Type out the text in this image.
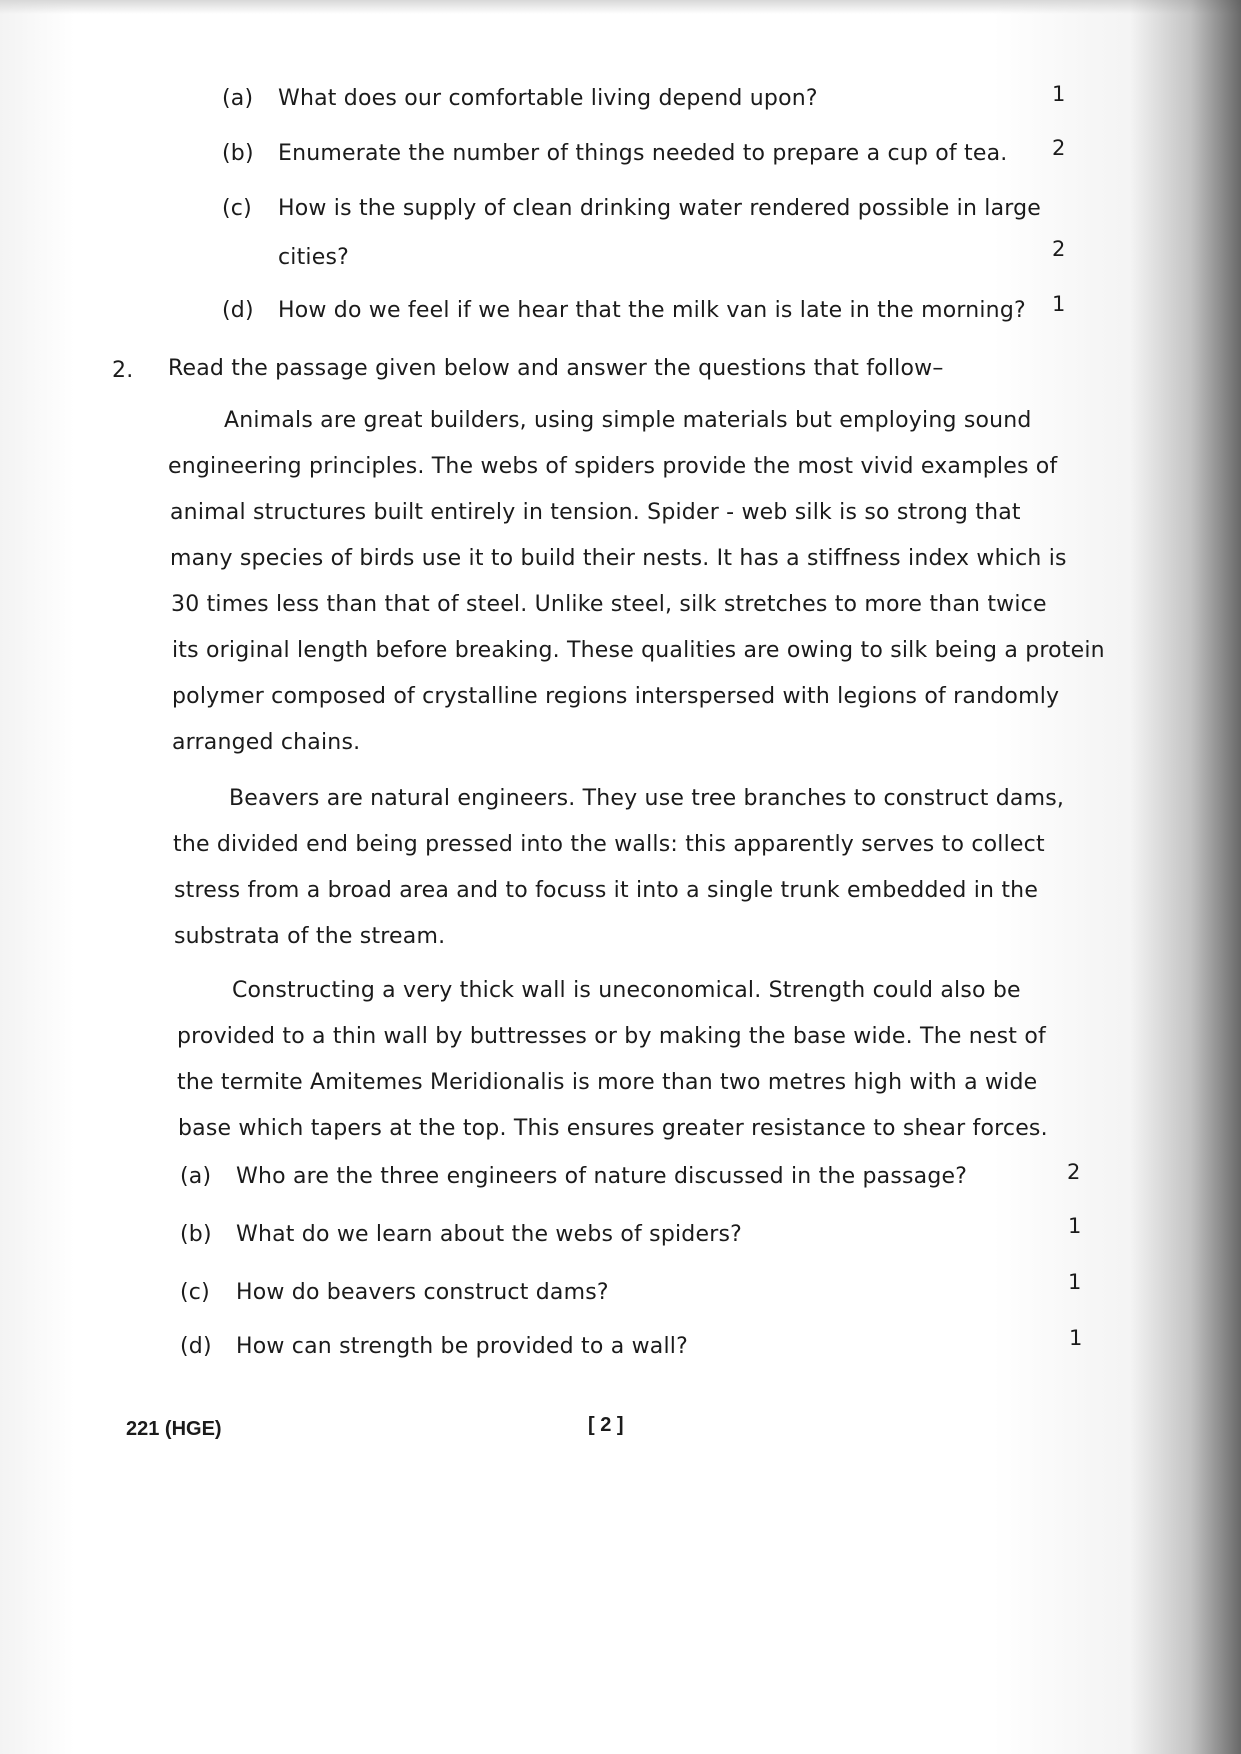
(a) What does our comfortable living depend upon?	1
(b) Enumerate the number of things needed to prepare a cup of tea. 2
(c) How is the supply of clean drinking water rendered possible in large
cities?	2
(d) How do we feel if we hear that the milk van is late in the morning? 1
2. Read the passage given below and answer the questions that follow–
Animals are great builders, using simple materials but employing sound
engineering principles. The webs of spiders provide the most vivid examples of
animal structures built entirely in tension. Spider - web silk is so strong that
many species of birds use it to build their nests. It has a stiffness index which is
30 times less than that of steel. Unlike steel, silk stretches to more than twice
its original length before breaking. These qualities are owing to silk being a protein
polymer composed of crystalline regions interspersed with legions of randomly
arranged chains.
Beavers are natural engineers. They use tree branches to construct dams,
the divided end being pressed into the walls: this apparently serves to collect
stress from a broad area and to focuss it into a single trunk embedded in the
substrata of the stream.
Constructing a very thick wall is uneconomical. Strength could also be
provided to a thin wall by buttresses or by making the base wide. The nest of
the termite Amitemes Meridionalis is more than two metres high with a wide
base which tapers at the top. This ensures greater resistance to shear forces.
(a) Who are the three engineers of nature discussed in the passage?	2
(b) What do we learn about the webs of spiders?	1
(c) How do beavers construct dams?	1
(d) How can strength be provided to a wall?	1
221 (HGE)	[ 2 ]
